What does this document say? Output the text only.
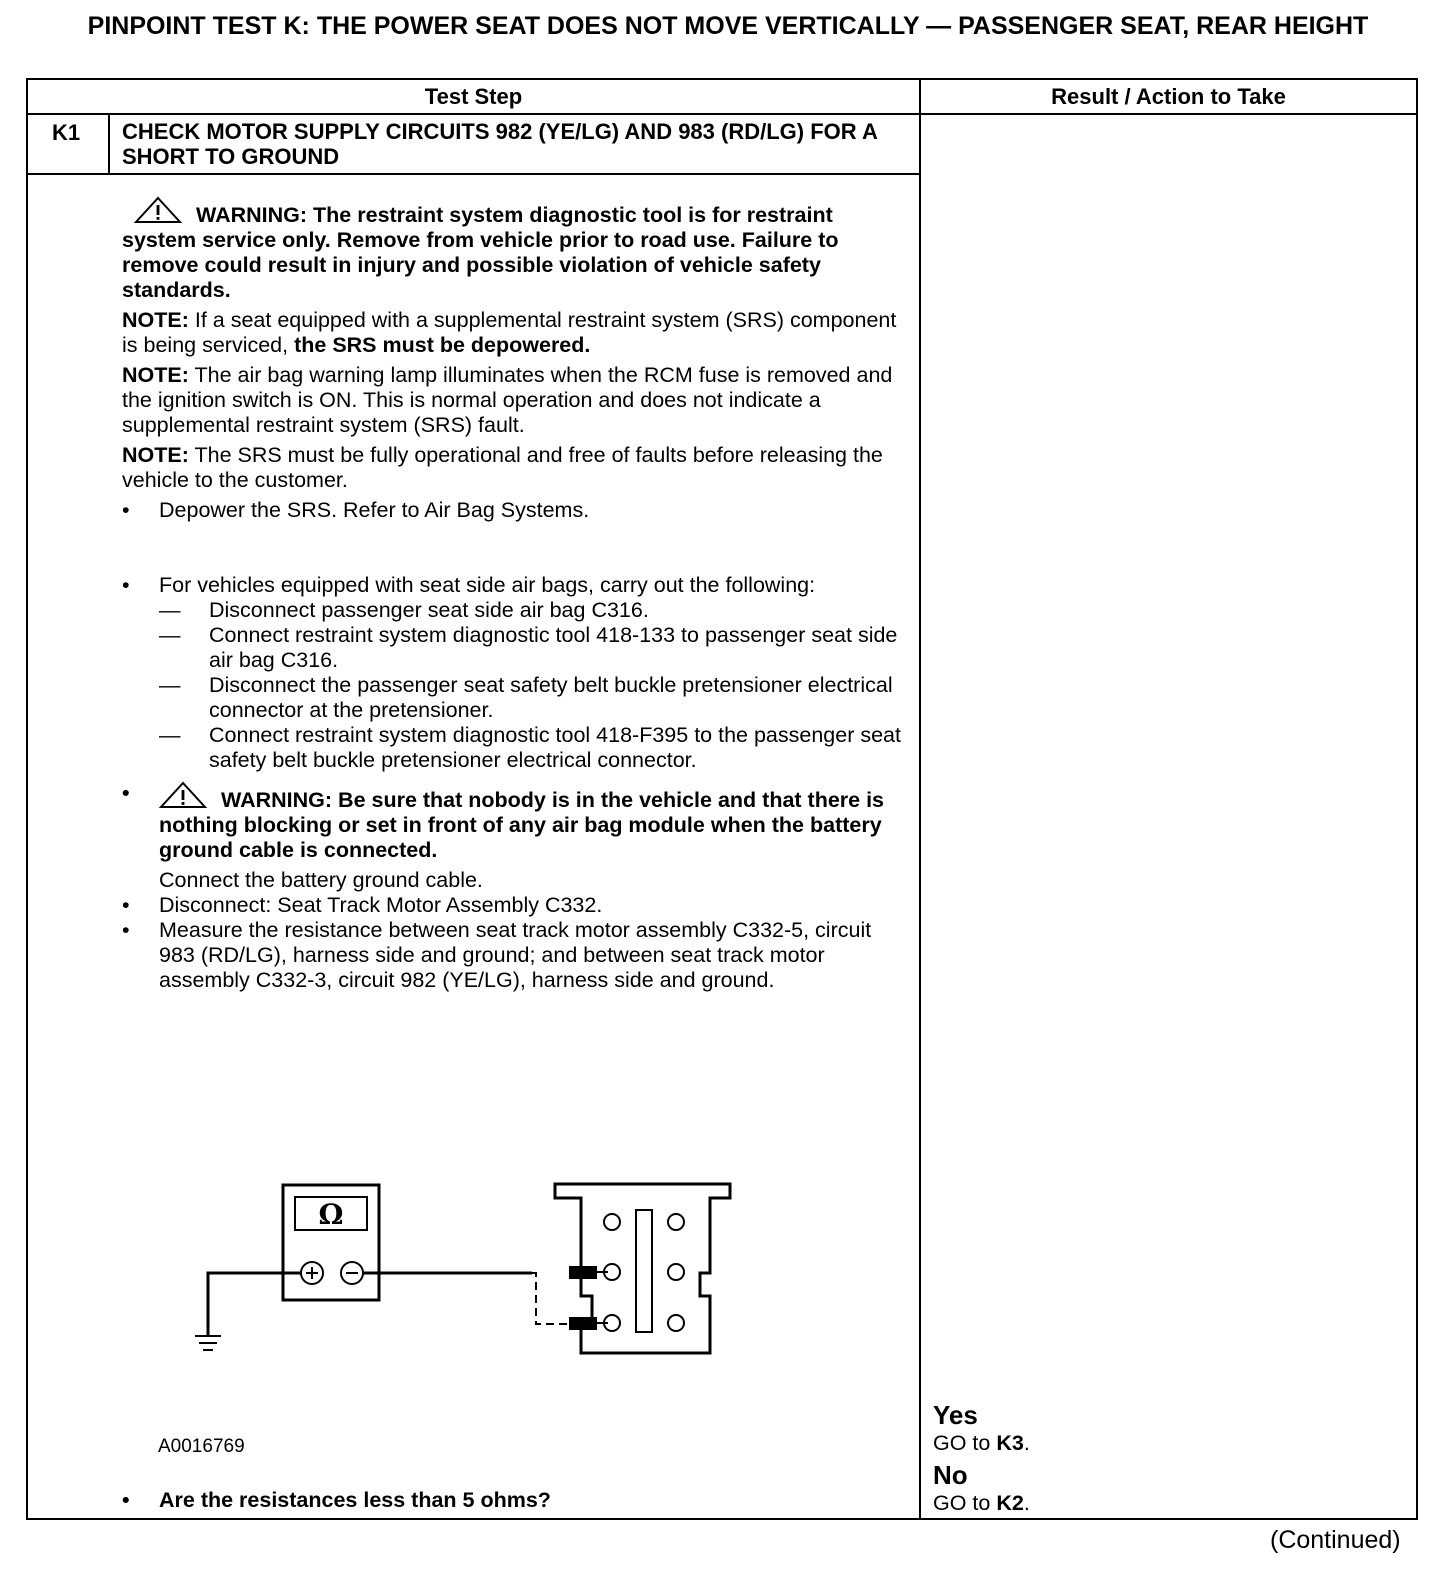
PINPOINT TEST K: THE POWER SEAT DOES NOT MOVE VERTICALLY — PASSENGER SEAT, REAR HEIGHT
Test Step	Result / Action to Take
K1 CHECK MOTOR SUPPLY CIRCUITS 982 (YE/LG) AND 983 (RD/LG) FOR A SHORT TO GROUND

WARNING: The restraint system diagnostic tool is for restraint system service only. Remove from vehicle prior to road use. Failure to remove could result in injury and possible violation of vehicle safety standards.

NOTE: If a seat equipped with a supplemental restraint system (SRS) component is being serviced, the SRS must be depowered.

NOTE: The air bag warning lamp illuminates when the RCM fuse is removed and the ignition switch is ON. This is normal operation and does not indicate a supplemental restraint system (SRS) fault.

NOTE: The SRS must be fully operational and free of faults before releasing the vehicle to the customer.

• Depower the SRS. Refer to Air Bag Systems.

• For vehicles equipped with seat side air bags, carry out the following:

— Disconnect passenger seat side air bag C316.

— Connect restraint system diagnostic tool 418-133 to passenger seat side air bag C316.

— Disconnect the passenger seat safety belt buckle pretensioner electrical connector at the pretensioner.

— Connect restraint system diagnostic tool 418-F395 to the passenger seat safety belt buckle pretensioner electrical connector.

• WARNING: Be sure that nobody is in the vehicle and that there is nothing blocking or set in front of any air bag module when the battery ground cable is connected.

Connect the battery ground cable.

• Disconnect: Seat Track Motor Assembly C332.

• Measure the resistance between seat track motor assembly C332-5, circuit 983 (RD/LG), harness side and ground; and between seat track motor assembly C332-3, circuit 982 (YE/LG), harness side and ground.

Ω
A0016769
• Are the resistances less than 5 ohms?
Yes
GO to K3.
No
GO to K2.
(Continued)
